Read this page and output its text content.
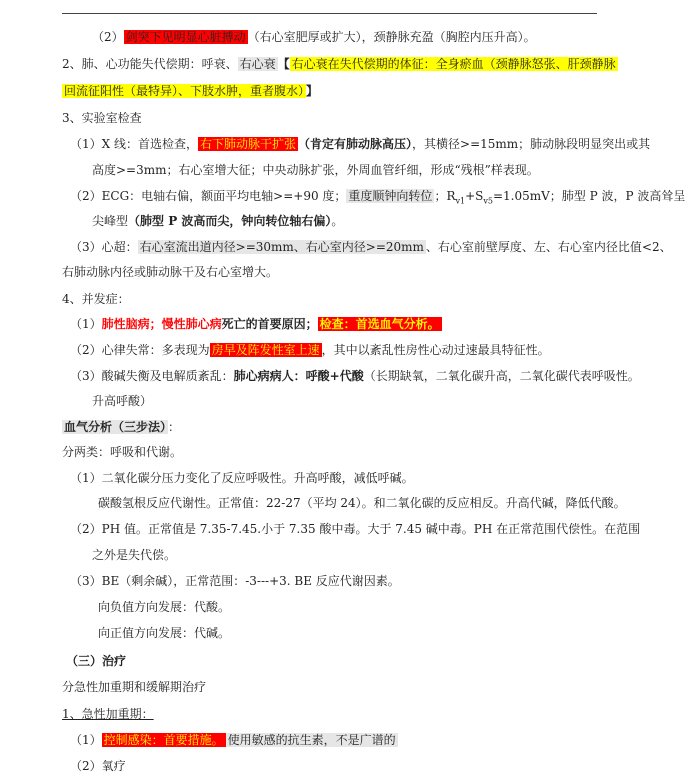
（2） 剑突下见明显心脏搏动 （右心室肥厚或扩大），颈静脉充盈（胸腔内压升高）。
2、肺、心功能失代偿期：呼衰、 右心衰 【 右心衰在失代偿期的体征：全身瘀血（颈静脉怒张、肝颈静脉
回流征阳性（最特异）、下肢水肿，重者腹水） 】
3、实验室检查
（1）X 线：首选检查， 右下肺动脉干扩张 （肯定有肺动脉高压），其横径>=15mm；肺动脉段明显突出或其
高度>=3mm；右心室增大征；中央动脉扩张，外周血管纤细，形成“残根”样表现。
（2）ECG：电轴右偏，额面平均电轴>=+90 度； 重度顺钟向转位 ；$R_{v1}+S_{v5}=1.05mV$；肺型 P 波，P 波高耸呈
尖峰型（肺型 P 波高而尖，钟向转位轴右偏）。
（3）心超： 右心室流出道内径>=30mm、右心室内径>=20mm 、右心室前壁厚度、左、右心室内径比值<2、
右肺动脉内径或肺动脉干及右心室增大。
4、并发症：
（1）肺性脑病；慢性肺心病死亡的首要原因； 检查：首选血气分析。
（2）心律失常：多表现为 房早及阵发性室上速 ，其中以紊乱性房性心动过速最具特征性。
（3）酸碱失衡及电解质紊乱：肺心病病人：呼酸+代酸（长期缺氧，二氧化碳升高，二氧化碳代表呼吸性。
升高呼酸）
血气分析（三步法） ：
分两类：呼吸和代谢。
（1）二氧化碳分压力变化了反应呼吸性。升高呼酸，减低呼碱。
碳酸氢根反应代谢性。正常值：22-27（平均 24）。和二氧化碳的反应相反。升高代碱，降低代酸。
（2）PH 值。正常值是 7.35-7.45.小于 7.35 酸中毒。大于 7.45 碱中毒。PH 在正常范围代偿性。在范围
之外是失代偿。
（3）BE（剩余碱），正常范围：-3---+3. BE 反应代谢因素。
向负值方向发展：代酸。
向正值方向发展：代碱。
（三）治疗
分急性加重期和缓解期治疗
1、急性加重期：
（1） 控制感染：首要措施。 使用敏感的抗生素，不是广谱的
（2）氧疗
